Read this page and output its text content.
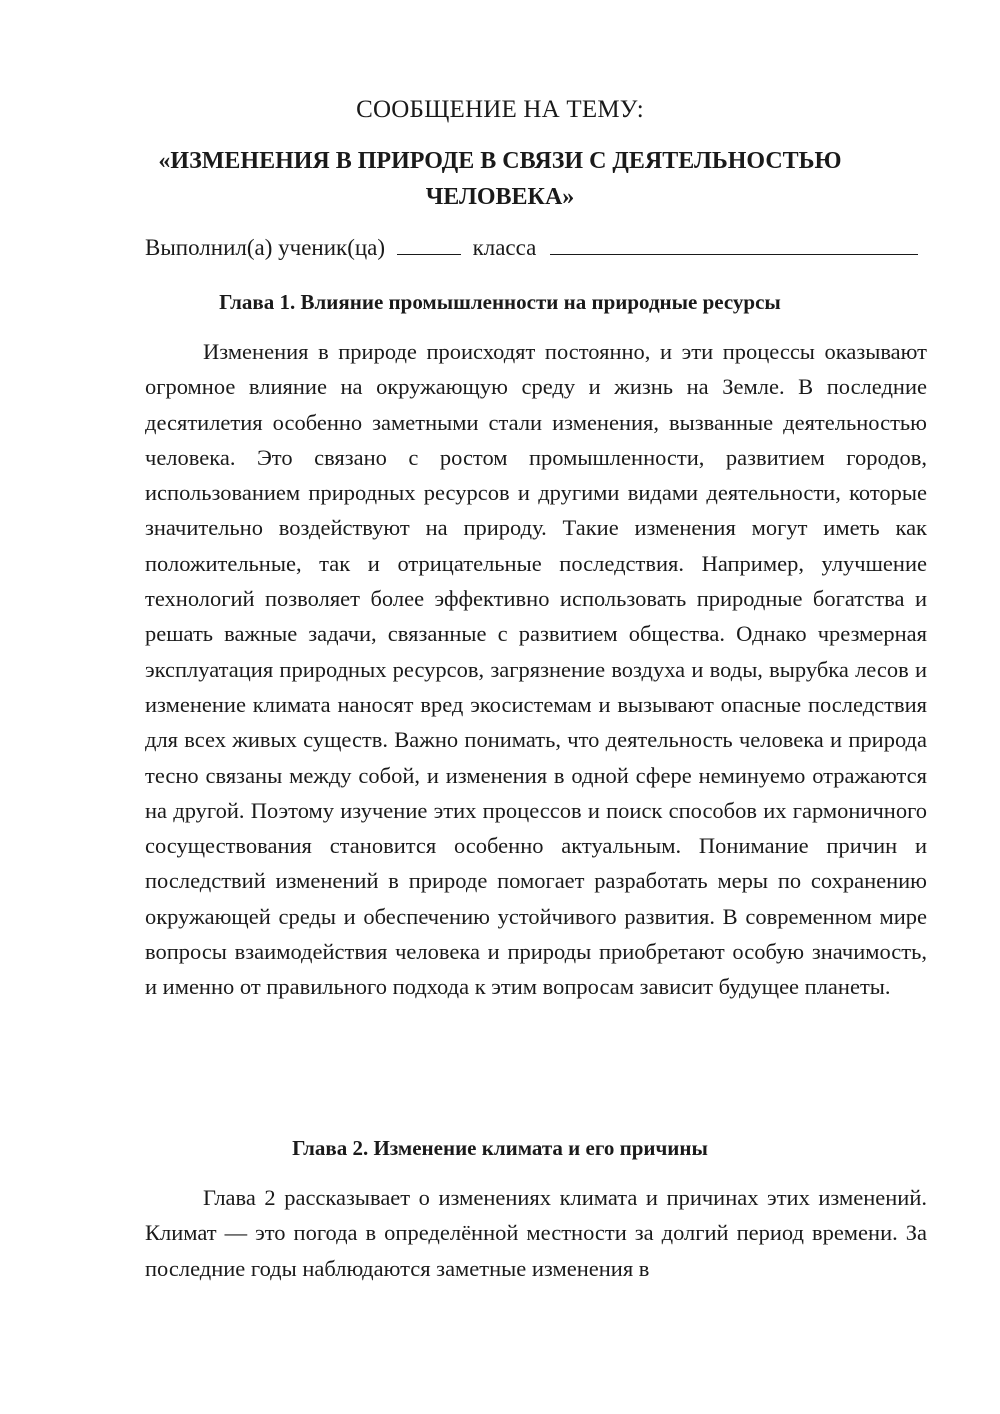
СООБЩЕНИЕ НА ТЕМУ:
«ИЗМЕНЕНИЯ В ПРИРОДЕ В СВЯЗИ С ДЕЯТЕЛЬНОСТЬЮ ЧЕЛОВЕКА»
Выполнил(а) ученик(ца)	класса
Глава 1. Влияние промышленности на природные ресурсы

Изменения в природе происходят постоянно, и эти процессы оказывают огромное влияние на окружающую среду и жизнь на Земле. В последние десятилетия особенно заметными стали изменения, вызванные деятельностью человека. Это связано с ростом промышленности, развитием городов, использованием природных ресурсов и другими видами деятельности, которые значительно воздействуют на природу. Такие изменения могут иметь как положительные, так и отрицательные последствия. Например, улучшение технологий позволяет более эффективно использовать природные богатства и решать важные задачи, связанные с развитием общества. Однако чрезмерная эксплуатация природных ресурсов, загрязнение воздуха и воды, вырубка лесов и изменение климата наносят вред экосистемам и вызывают опасные последствия для всех живых существ. Важно понимать, что деятельность человека и природа тесно связаны между собой, и изменения в одной сфере неминуемо отражаются на другой. Поэтому изучение этих процессов и поиск способов их гармоничного сосуществования становится особенно актуальным. Понимание причин и последствий изменений в природе помогает разработать меры по сохранению окружающей среды и обеспечению устойчивого развития. В современном мире вопросы взаимодействия человека и природы приобретают особую значимость, и именно от правильного подхода к этим вопросам зависит будущее планеты.

Глава 2. Изменение климата и его причины

Глава 2 рассказывает о изменениях климата и причинах этих изменений. Климат — это погода в определённой местности за долгий период времени. За последние годы наблюдаются заметные изменения в
